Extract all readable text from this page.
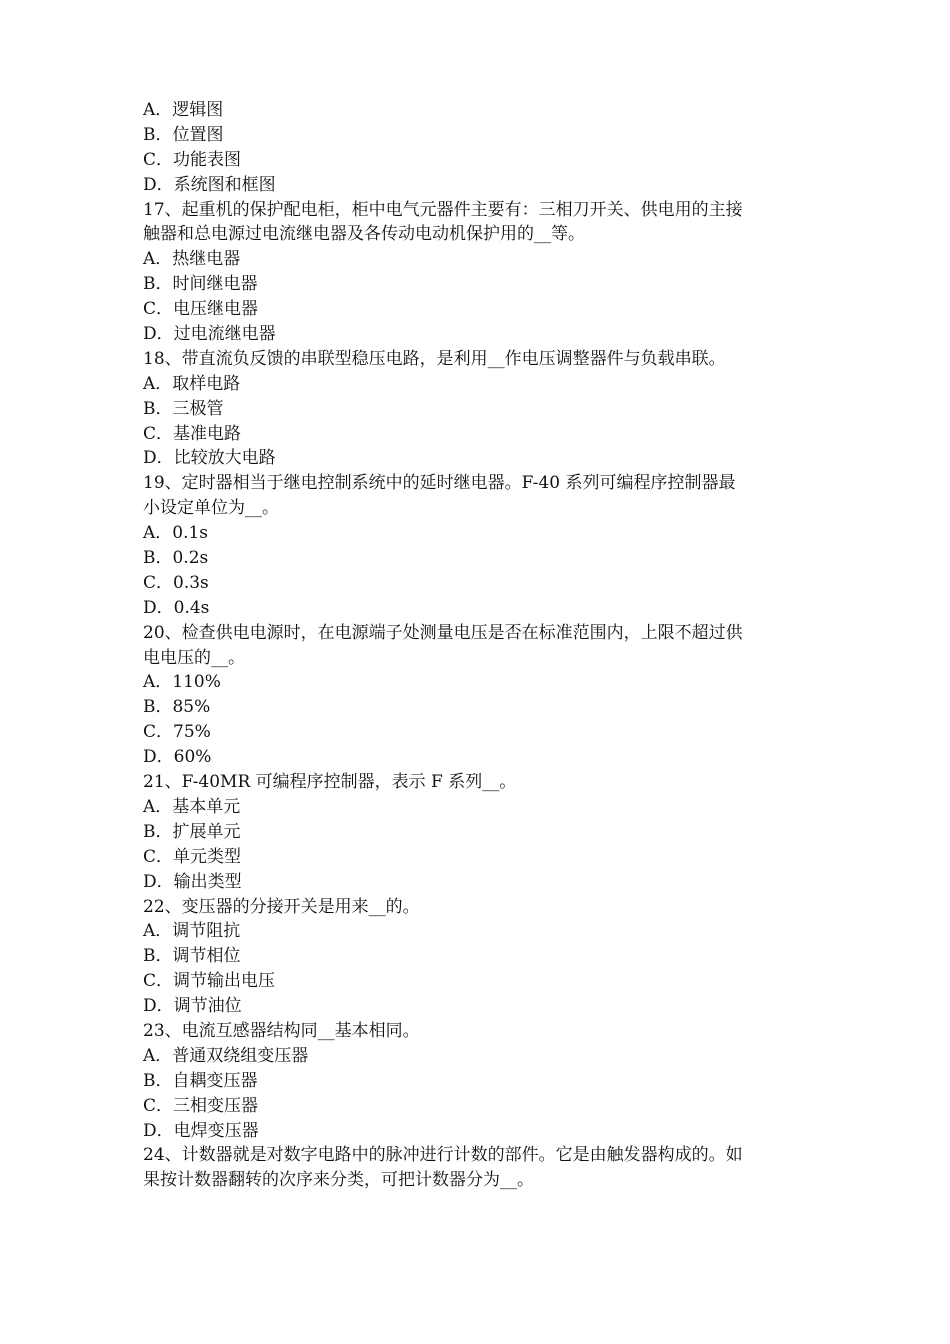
A．逻辑图
B．位置图
C．功能表图
D．系统图和框图
17、起重机的保护配电柜，柜中电气元器件主要有：三相刀开关、供电用的主接
触器和总电源过电流继电器及各传动电动机保护用的__等。
A．热继电器
B．时间继电器
C．电压继电器
D．过电流继电器
18、带直流负反馈的串联型稳压电路，是利用__作电压调整器件与负载串联。
A．取样电路
B．三极管
C．基准电路
D．比较放大电路
19、定时器相当于继电控制系统中的延时继电器。F-40 系列可编程序控制器最
小设定单位为__。
A．0.1s
B．0.2s
C．0.3s
D．0.4s
20、检查供电电源时，在电源端子处测量电压是否在标准范围内，上限不超过供
电电压的__。
A．110%
B．85%
C．75%
D．60%
21、F-40MR 可编程序控制器，表示 F 系列__。
A．基本单元
B．扩展单元
C．单元类型
D．输出类型
22、变压器的分接开关是用来__的。
A．调节阻抗
B．调节相位
C．调节输出电压
D．调节油位
23、电流互感器结构同__基本相同。
A．普通双绕组变压器
B．自耦变压器
C．三相变压器
D．电焊变压器
24、计数器就是对数字电路中的脉冲进行计数的部件。它是由触发器构成的。如
果按计数器翻转的次序来分类，可把计数器分为__。
